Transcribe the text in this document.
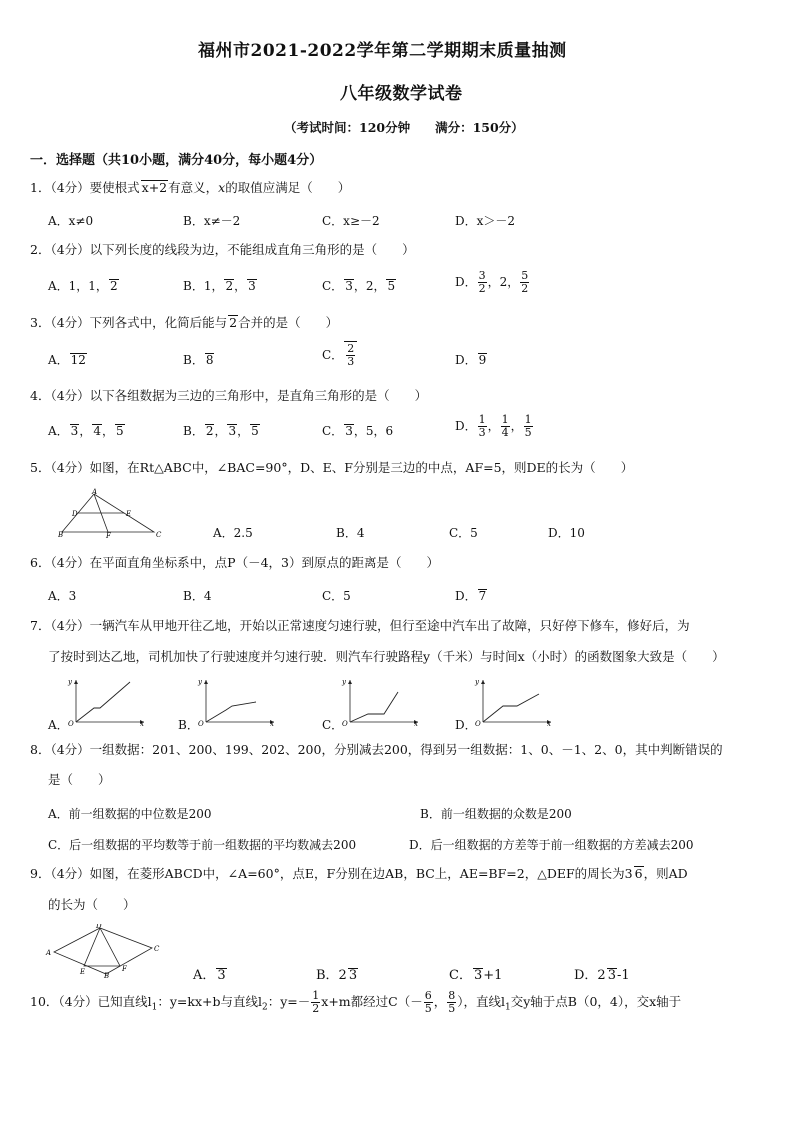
福州市2021-2022学年第二学期期末质量抽测
八年级数学试卷
（考试时间：120分钟　　满分：150分）
一．选择题（共10小题，满分40分，每小题4分）
1．（4分）要使根式 x+2有意义，x的取值应满足（　　）
A．x≠0	B．x≠－2	C．x≥－2	D．x＞－2
2．（4分）以下列长度的线段为边，不能组成直角三角形的是（　　）
A．1，1， 2	B．1， 2， 3	C． 3，2， 5	D． $\frac{3}{2}$ ，2， $\frac{5}{2}$
3．（4分）下列各式中，化简后能与 2合并的是（　　）
A． 12	B． 8	C． $\frac{2}{3}$	D． 9
4．（4分）以下各组数据为三边的三角形中，是直角三角形的是（　　）
A． 3， 4， 5	B． 2， 3， 5	C． 3，5，6	D． $\frac{1}{3}$ ， $\frac{1}{4}$ ， $\frac{1}{5}$
5．（4分）如图，在Rt△ABC中，∠BAC=90°，D、E、F分别是三边的中点，AF=5，则DE的长为（　　）
A
D	E
B	F	C	A．2.5	B．4	C．5	D．10
6．（4分）在平面直角坐标系中，点P（－4，3）到原点的距离是（　　）
A．3	B．4	C．5	D． 7
7．（4分）一辆汽车从甲地开往乙地，开始以正常速度匀速行驶，但行至途中汽车出了故障，只好停下修车，修好后，为
了按时到达乙地，司机加快了行驶速度并匀速行驶．则汽车行驶路程y（千米）与时间x（小时）的函数图象大致是（　　）
A．
y
x
O	B．
y
x
O	C．
y
x
O	D．
y
x
O
8．（4分）一组数据：201、200、199、202、200，分别减去200，得到另一组数据：1、0、－1、2、0，其中判断错误的
是（　　）
A．前一组数据的中位数是200	B．前一组数据的众数是200
C．后一组数据的平均数等于前一组数据的平均数减去200	D．后一组数据的方差等于前一组数据的方差减去200
9．（4分）如图，在菱形ABCD中，∠A=60°，点E，F分别在边AB，BC上，AE=BF=2，△DEF的周长为3 6，则AD
的长为（　　）
D
A	C
E	B
F	A． 3	B．2 3	C． 3+1	D．2 3-1
10．（4分）已知直线$l_1$：y=kx+b与直线$l_2$：$y=- \frac{1}{2} x+m$都经过$C(- \frac{6}{5}$ ， $\frac{8}{5}$ ），直线$l_1$交y轴于点B（0，4），交x轴于
